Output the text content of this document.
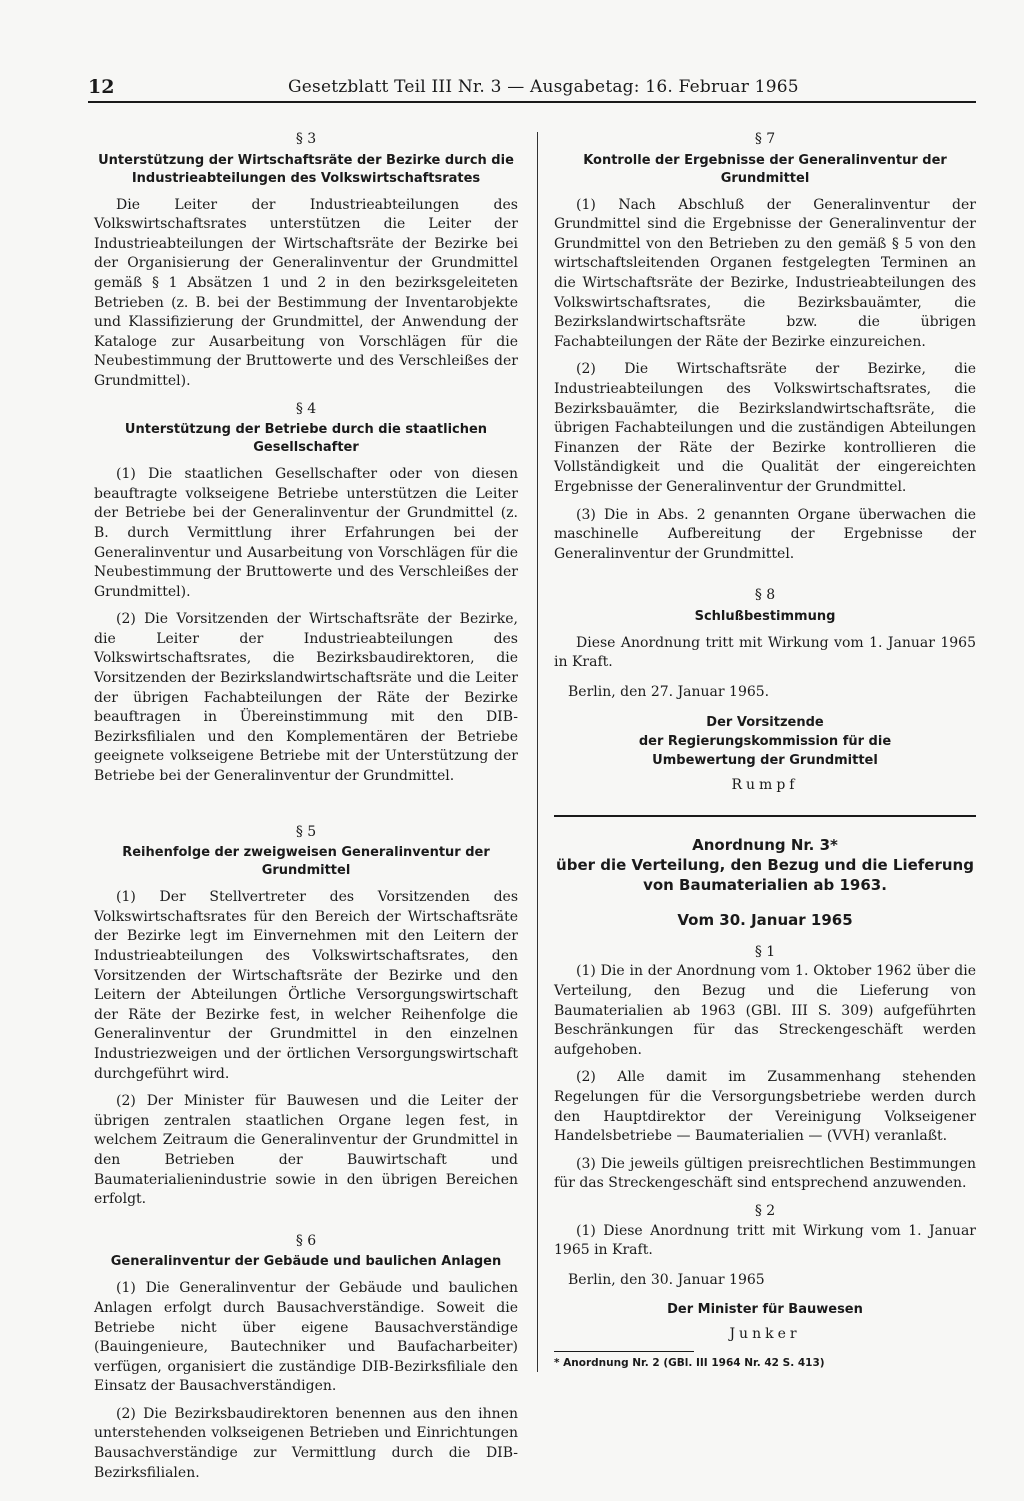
12	Gesetzblatt Teil III Nr. 3 — Ausgabetag: 16. Februar 1965

§ 3

Unterstützung der Wirtschaftsräte der Bezirke durch die Industrieabteilungen des Volkswirtschaftsrates

Die Leiter der Industrieabteilungen des Volkswirtschaftsrates unterstützen die Leiter der Industrieabteilungen der Wirtschaftsräte der Bezirke bei der Organisierung der Generalinventur der Grundmittel gemäß § 1 Absätzen 1 und 2 in den bezirksgeleiteten Betrieben (z. B. bei der Bestimmung der Inventarobjekte und Klassifizierung der Grundmittel, der Anwendung der Kataloge zur Ausarbeitung von Vorschlägen für die Neubestimmung der Bruttowerte und des Verschleißes der Grundmittel).

§ 4

Unterstützung der Betriebe durch die staatlichen Gesellschafter

(1) Die staatlichen Gesellschafter oder von diesen beauftragte volkseigene Betriebe unterstützen die Leiter der Betriebe bei der Generalinventur der Grundmittel (z. B. durch Vermittlung ihrer Erfahrungen bei der Generalinventur und Ausarbeitung von Vorschlägen für die Neubestimmung der Bruttowerte und des Verschleißes der Grundmittel).

(2) Die Vorsitzenden der Wirtschaftsräte der Bezirke, die Leiter der Industrieabteilungen des Volkswirtschaftsrates, die Bezirksbaudirektoren, die Vorsitzenden der Bezirkslandwirtschaftsräte und die Leiter der übrigen Fachabteilungen der Räte der Bezirke beauftragen in Übereinstimmung mit den DIB-Bezirksfilialen und den Komplementären der Betriebe geeignete volkseigene Betriebe mit der Unterstützung der Betriebe bei der Generalinventur der Grundmittel.

§ 5

Reihenfolge der zweigweisen Generalinventur der Grundmittel

(1) Der Stellvertreter des Vorsitzenden des Volkswirtschaftsrates für den Bereich der Wirtschaftsräte der Bezirke legt im Einvernehmen mit den Leitern der Industrieabteilungen des Volkswirtschaftsrates, den Vorsitzenden der Wirtschaftsräte der Bezirke und den Leitern der Abteilungen Örtliche Versorgungswirtschaft der Räte der Bezirke fest, in welcher Reihenfolge die Generalinventur der Grundmittel in den einzelnen Industriezweigen und der örtlichen Versorgungswirtschaft durchgeführt wird.

(2) Der Minister für Bauwesen und die Leiter der übrigen zentralen staatlichen Organe legen fest, in welchem Zeitraum die Generalinventur der Grundmittel in den Betrieben der Bauwirtschaft und Baumaterialienindustrie sowie in den übrigen Bereichen erfolgt.

§ 6

Generalinventur der Gebäude und baulichen Anlagen

(1) Die Generalinventur der Gebäude und baulichen Anlagen erfolgt durch Bausachverständige. Soweit die Betriebe nicht über eigene Bausachverständige (Bauingenieure, Bautechniker und Baufacharbeiter) verfügen, organisiert die zuständige DIB-Bezirksfiliale den Einsatz der Bausachverständigen.

(2) Die Bezirksbaudirektoren benennen aus den ihnen unterstehenden volkseigenen Betrieben und Einrichtungen Bausachverständige zur Vermittlung durch die DIB-Bezirksfilialen.

§ 7

Kontrolle der Ergebnisse der Generalinventur der Grundmittel

(1) Nach Abschluß der Generalinventur der Grundmittel sind die Ergebnisse der Generalinventur der Grundmittel von den Betrieben zu den gemäß § 5 von den wirtschaftsleitenden Organen festgelegten Terminen an die Wirtschaftsräte der Bezirke, Industrieabteilungen des Volkswirtschaftsrates, die Bezirksbauämter, die Bezirkslandwirtschaftsräte bzw. die übrigen Fachabteilungen der Räte der Bezirke einzureichen.

(2) Die Wirtschaftsräte der Bezirke, die Industrieabteilungen des Volkswirtschaftsrates, die Bezirksbauämter, die Bezirkslandwirtschaftsräte, die übrigen Fachabteilungen und die zuständigen Abteilungen Finanzen der Räte der Bezirke kontrollieren die Vollständigkeit und die Qualität der eingereichten Ergebnisse der Generalinventur der Grundmittel.

(3) Die in Abs. 2 genannten Organe überwachen die maschinelle Aufbereitung der Ergebnisse der Generalinventur der Grundmittel.

§ 8

Schlußbestimmung

Diese Anordnung tritt mit Wirkung vom 1. Januar 1965 in Kraft.

Berlin, den 27. Januar 1965.

Der Vorsitzende

der Regierungskommission für die

Umbewertung der Grundmittel

Rumpf

Anordnung Nr. 3*

über die Verteilung, den Bezug und die Lieferung

von Baumaterialien ab 1963.

Vom 30. Januar 1965

§ 1

(1) Die in der Anordnung vom 1. Oktober 1962 über die Verteilung, den Bezug und die Lieferung von Baumaterialien ab 1963 (GBl. III S. 309) aufgeführten Beschränkungen für das Streckengeschäft werden aufgehoben.

(2) Alle damit im Zusammenhang stehenden Regelungen für die Versorgungsbetriebe werden durch den Hauptdirektor der Vereinigung Volkseigener Handelsbetriebe — Baumaterialien — (VVH) veranlaßt.

(3) Die jeweils gültigen preisrechtlichen Bestimmungen für das Streckengeschäft sind entsprechend anzuwenden.

§ 2

(1) Diese Anordnung tritt mit Wirkung vom 1. Januar 1965 in Kraft.

Berlin, den 30. Januar 1965

Der Minister für Bauwesen

Junker

* Anordnung Nr. 2 (GBl. III 1964 Nr. 42 S. 413)
